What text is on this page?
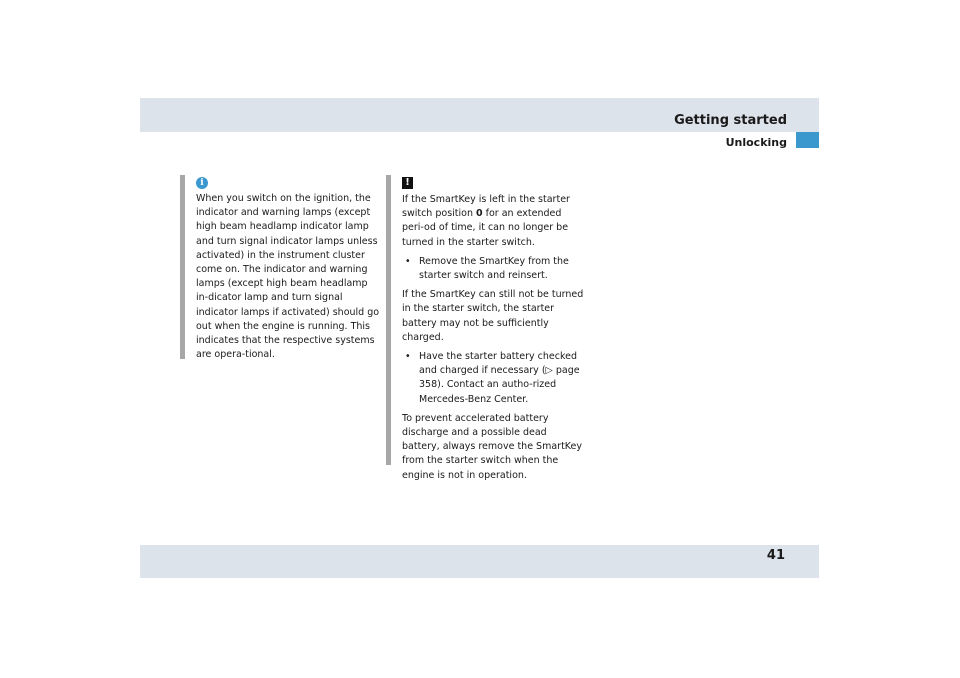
Getting started
Unlocking
i

When you switch on the ignition, the indicator and warning lamps (except high beam headlamp indicator lamp and turn signal indicator lamps unless activated) in the instrument cluster come on. The indicator and warning lamps (except high beam headlamp in-dicator lamp and turn signal indicator lamps if activated) should go out when the engine is running. This indicates that the respective systems are opera-tional.

!

If the SmartKey is left in the starter switch position 0 for an extended peri-od of time, it can no longer be turned in the starter switch.

• Remove the SmartKey from the starter switch and reinsert.

If the SmartKey can still not be turned in the starter switch, the starter battery may not be sufficiently charged.

• Have the starter battery checked and charged if necessary (▷ page 358). Contact an autho-rized Mercedes-Benz Center.

To prevent accelerated battery discharge and a possible dead battery, always remove the SmartKey from the starter switch when the engine is not in operation.

41
